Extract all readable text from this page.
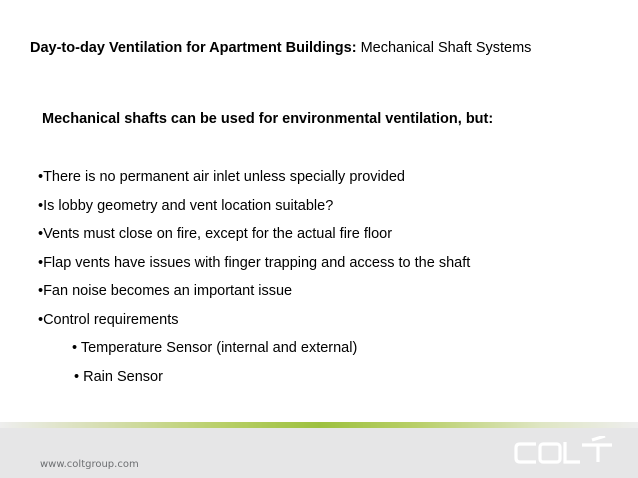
Day-to-day Ventilation for Apartment Buildings: Mechanical Shaft Systems
Mechanical shafts can be used for environmental ventilation, but:
•There is no permanent air inlet unless specially provided
•Is lobby geometry and vent location suitable?
•Vents must close on fire, except for the actual fire floor
•Flap vents have issues with finger trapping and access to the shaft
•Fan noise becomes an important issue
•Control requirements
• Temperature Sensor (internal and external)
• Rain Sensor
www.coltgroup.com
